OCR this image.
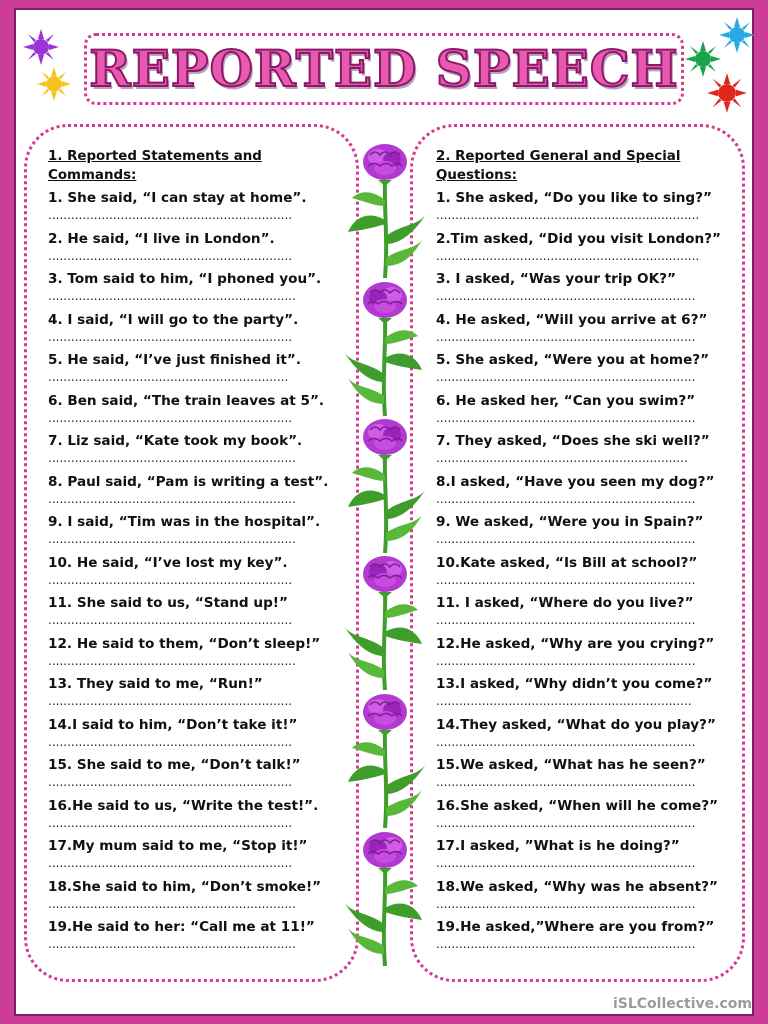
REPORTED SPEECH
1. Reported Statements and
Commands:
1. She said, “I can stay at home”.
................................................................
2. He said, “I live in London”.
................................................................
3. Tom said to him, “I phoned you”.
.................................................................
4. I said, “I will go to the party”.
................................................................
5. He said, “I’ve just finished it”.
...............................................................
6. Ben said, “The train leaves at 5”.
................................................................
7. Liz said, “Kate took my book”.
.................................................................
8. Paul said, “Pam is writing a test”.
.................................................................
9. I said, “Tim was in the hospital”.
.................................................................
10. He said, “I’ve lost my key”.
................................................................
11. She said to us, “Stand up!”
................................................................
12. He said to them, “Don’t sleep!”
.................................................................
13. They said to me, “Run!”
................................................................
14.I said to him, “Don’t take it!”
................................................................
15. She said to me, “Don’t talk!”
................................................................
16.He said to us, “Write the test!”.
................................................................
17.My mum said to me, “Stop it!”
................................................................
18.She said to him, “Don’t smoke!”
.................................................................
19.He said to her: “Call me at 11!”
.................................................................
2. Reported General and Special
Questions:
1. She asked, “Do you like to sing?”
.....................................................................
2.Tim asked, “Did you visit London?”
.....................................................................
3. I asked, “Was your trip OK?”
....................................................................
4. He asked, “Will you arrive at 6?”
....................................................................
5. She asked, “Were you at home?”
....................................................................
6. He asked her, “Can you swim?”
....................................................................
7. They asked, “Does she ski well?”
..................................................................
8.I asked, “Have you seen my dog?”
....................................................................
9. We asked, “Were you in Spain?”
....................................................................
10.Kate asked, “Is Bill at school?”
....................................................................
11. I asked, “Where do you live?”
....................................................................
12.He asked, “Why are you crying?”
....................................................................
13.I asked, “Why didn’t you come?”
...................................................................
14.They asked, “What do you play?”
....................................................................
15.We asked, “What has he seen?”
....................................................................
16.She asked, “When will he come?”
....................................................................
17.I asked, ”What is he doing?”
....................................................................
18.We asked, “Why was he absent?”
....................................................................
19.He asked,”Where are you from?”
....................................................................
iSLCollective.com
